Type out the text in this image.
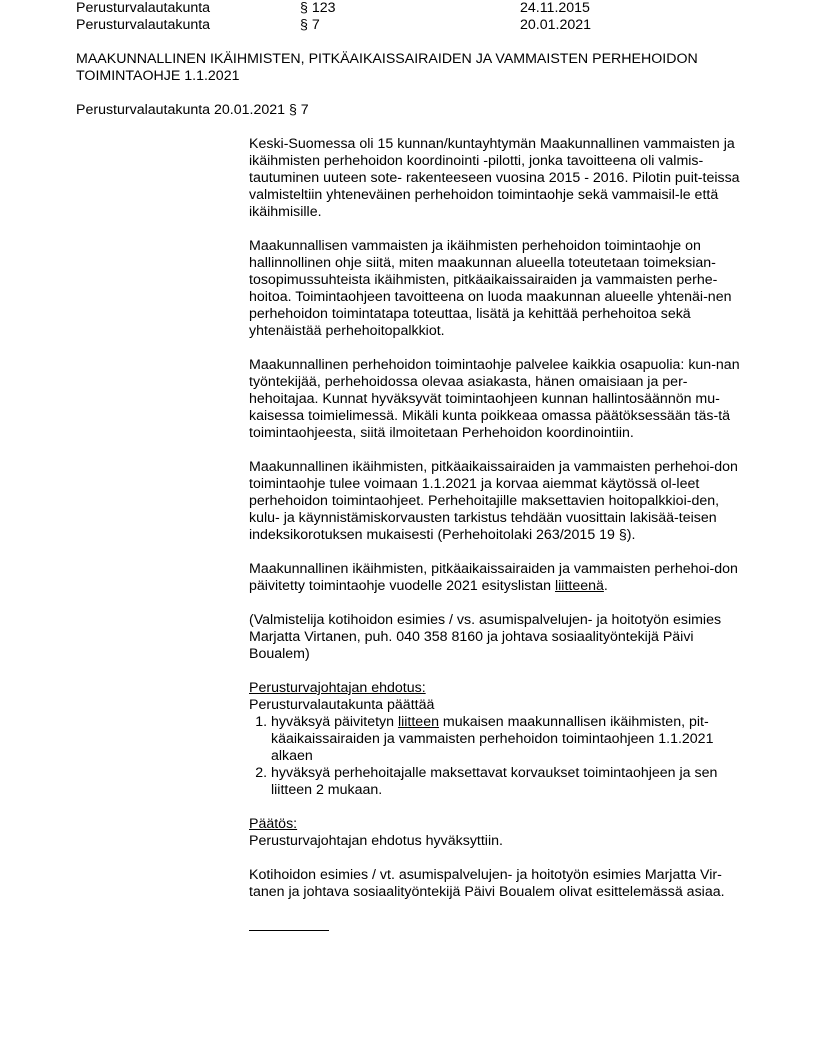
Perusturvalautakunta	§ 123	24.11.2015
Perusturvalautakunta	§ 7	20.01.2021
MAAKUNNALLINEN IKÄIHMISTEN, PITKÄAIKAISSAIRAIDEN JA VAMMAISTEN PERHEHOIDON TOIMINTAOHJE 1.1.2021
Perusturvalautakunta 20.01.2021 § 7

Keski-Suomessa oli 15 kunnan/kuntayhtymän Maakunnallinen vammaisten ja ikäihmisten perhehoidon koordinointi -pilotti, jonka tavoitteena oli valmis-tautuminen uuteen sote- rakenteeseen vuosina 2015 - 2016. Pilotin puit-teissa valmisteltiin yhteneväinen perhehoidon toimintaohje sekä vammaisil-le että ikäihmisille.

Maakunnallisen vammaisten ja ikäihmisten perhehoidon toimintaohje on hallinnollinen ohje siitä, miten maakunnan alueella toteutetaan toimeksian-tosopimussuhteista ikäihmisten, pitkäaikaissairaiden ja vammaisten perhe-hoitoa. Toimintaohjeen tavoitteena on luoda maakunnan alueelle yhtenäi-nen perhehoidon toimintatapa toteuttaa, lisätä ja kehittää perhehoitoa sekä yhtenäistää perhehoitopalkkiot.

Maakunnallinen perhehoidon toimintaohje palvelee kaikkia osapuolia: kun-nan työntekijää, perhehoidossa olevaa asiakasta, hänen omaisiaan ja per-hehoitajaa. Kunnat hyväksyvät toimintaohjeen kunnan hallintosäännön mu-kaisessa toimielimessä. Mikäli kunta poikkeaa omassa päätöksessään täs-tä toimintaohjeesta, siitä ilmoitetaan Perhehoidon koordinointiin.

Maakunnallinen ikäihmisten, pitkäaikaissairaiden ja vammaisten perhehoi-don toimintaohje tulee voimaan 1.1.2021 ja korvaa aiemmat käytössä ol-leet perhehoidon toimintaohjeet. Perhehoitajille maksettavien hoitopalkkioi-den, kulu- ja käynnistämiskorvausten tarkistus tehdään vuosittain lakisää-teisen indeksikorotuksen mukaisesti (Perhehoitolaki 263/2015 19 §).

Maakunnallinen ikäihmisten, pitkäaikaissairaiden ja vammaisten perhehoi-don päivitetty toimintaohje vuodelle 2021 esityslistan liitteenä.

(Valmistelija kotihoidon esimies / vs. asumispalvelujen- ja hoitotyön esimies Marjatta Virtanen, puh. 040 358 8160 ja johtava sosiaalityöntekijä Päivi Boualem)

Perusturvajohtajan ehdotus:
Perusturvalautakunta päättää
1. hyväksyä päivitetyn liitteen mukaisen maakunnallisen ikäihmisten, pit-käaikaissairaiden ja vammaisten perhehoidon toimintaohjeen 1.1.2021 alkaen
2. hyväksyä perhehoitajalle maksettavat korvaukset toimintaohjeen ja sen liitteen 2 mukaan.
Päätös:

Perusturvajohtajan ehdotus hyväksyttiin.

Kotihoidon esimies / vt. asumispalvelujen- ja hoitotyön esimies Marjatta Vir-tanen ja johtava sosiaalityöntekijä Päivi Boualem olivat esittelemässä asiaa.
